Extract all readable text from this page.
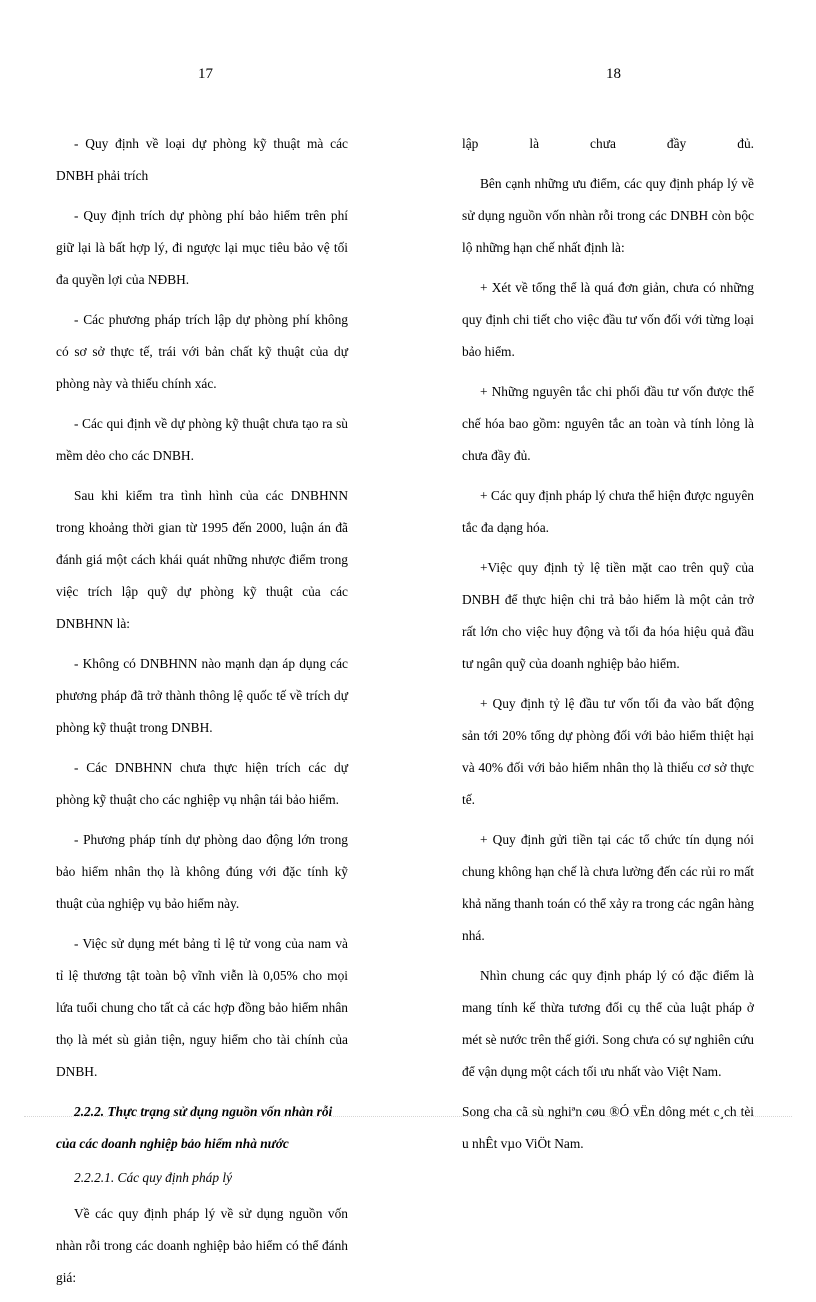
17	18

- Quy định về loại dự phòng kỹ thuật mà các DNBH phải trích

- Quy định trích dự phòng phí bảo hiểm trên phí giữ lại là bất hợp lý, đi ngược lại mục tiêu bảo vệ tối đa quyền lợi của NĐBH.

- Các phương pháp trích lập dự phòng phí không có sơ sở thực tế, trái với bản chất kỹ thuật của dự phòng này và thiếu chính xác.

- Các qui định về dự phòng kỹ thuật chưa tạo ra sù mềm dẻo cho các DNBH.

Sau khi kiểm tra tình hình của các DNBHNN trong khoảng thời gian từ 1995 đến 2000, luận án đã đánh giá một cách khái quát những nhược điểm trong việc trích lập quỹ dự phòng kỹ thuật của các DNBHNN là:

- Không có DNBHNN nào mạnh dạn áp dụng các phương pháp đã trở thành thông lệ quốc tế về trích dự phòng kỹ thuật trong DNBH.

- Các DNBHNN chưa thực hiện trích các dự phòng kỹ thuật cho các nghiệp vụ nhận tái bảo hiểm.

- Phương pháp tính dự phòng dao động lớn trong bảo hiểm nhân thọ là không đúng với đặc tính kỹ thuật của nghiệp vụ bảo hiểm này.

- Việc sử dụng mét bảng tỉ lệ tử vong của nam và tỉ lệ thương tật toàn bộ vĩnh viễn là 0,05% cho mọi lứa tuổi chung cho tất cả các hợp đồng bảo hiểm nhân thọ là mét sù giản tiện, nguy hiểm cho tài chính của DNBH.

2.2.2. Thực trạng sử dụng nguồn vốn nhàn rỗi của các doanh nghiệp bảo hiểm nhà nước

2.2.2.1. Các quy định pháp lý

Về các quy định pháp lý về sử dụng nguồn vốn nhàn rỗi trong các doanh nghiệp bảo hiểm có thể đánh giá:

lập là chưa đầy đủ.

Bên cạnh những ưu điểm, các quy định pháp lý về sử dụng nguồn vốn nhàn rỗi trong các DNBH còn bộc lộ những hạn chế nhất định là:

+ Xét về tổng thể là quá đơn giản, chưa có những quy định chi tiết cho việc đầu tư vốn đối với từng loại bảo hiểm.

+ Những nguyên tắc chi phối đầu tư vốn được thể chế hóa bao gồm: nguyên tắc an toàn và tính lỏng là chưa đầy đủ.

+ Các quy định pháp lý chưa thể hiện được nguyên tắc đa dạng hóa.

+Việc quy định tỷ lệ tiền mặt cao trên quỹ của DNBH để thực hiện chi trả bảo hiểm là một cản trở rất lớn cho việc huy động và tối đa hóa hiệu quả đầu tư ngân quỹ của doanh nghiệp bảo hiểm.

+ Quy định tỷ lệ đầu tư vốn tối đa vào bất động sản tới 20% tổng dự phòng đối với bảo hiểm thiệt hại và 40% đối với bảo hiểm nhân thọ là thiếu cơ sở thực tế.

+ Quy định gửi tiền tại các tổ chức tín dụng nói chung không hạn chế là chưa lường đến các rủi ro mất khả năng thanh toán có thể xảy ra trong các ngân hàng nhá.

Nhìn chung các quy định pháp lý có đặc điểm là mang tính kế thừa tương đối cụ thể của luật pháp ở mét sè nước trên thế giới. Song chưa có sự nghiên cứu để vận dụng một cách tối ưu nhất vào Việt Nam.

Song cha cã sù nghiªn cøu ®Ó vËn dông mét c¸ch tèi u nhÊt vµo ViÖt Nam.
